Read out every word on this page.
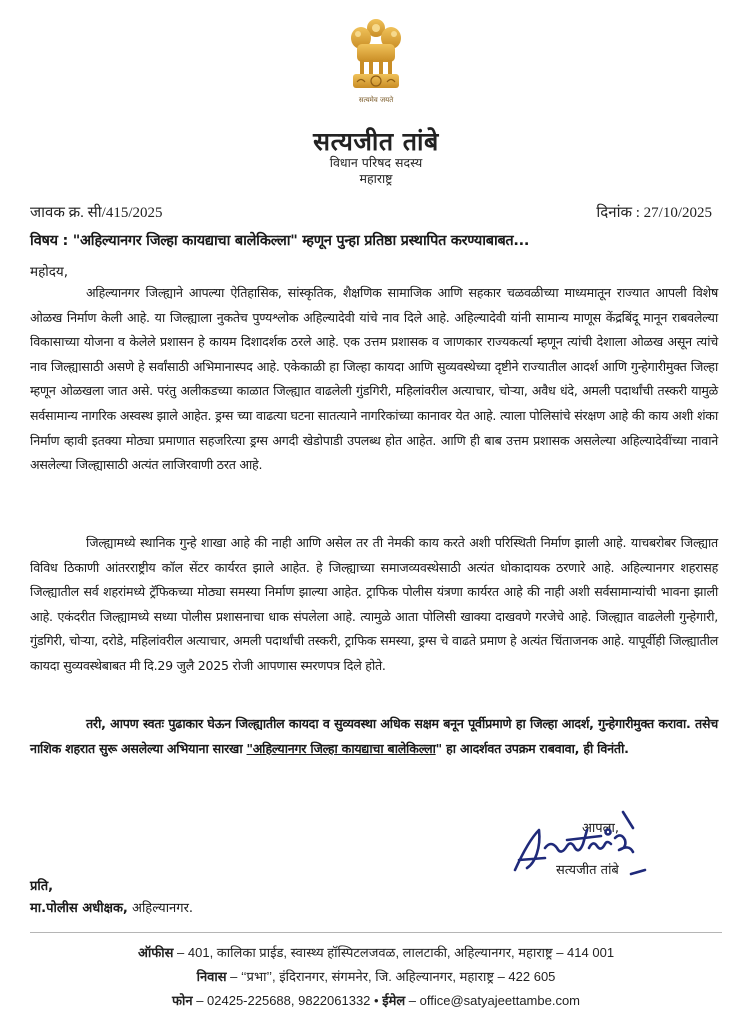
सत्यमेव जयते
सत्यजीत तांबे
विधान परिषद सदस्य
महाराष्ट्र
जावक क्र. सी/415/2025	दिनांक : 27/10/2025
विषय : "अहिल्यानगर जिल्हा कायद्याचा बालेकिल्ला" म्हणून पुन्हा प्रतिष्ठा प्रस्थापित करण्याबाबत...
महोदय,

अहिल्यानगर जिल्ह्याने आपल्या ऐतिहासिक, सांस्कृतिक, शैक्षणिक सामाजिक आणि सहकार चळवळीच्या माध्यमातून राज्यात आपली विशेष ओळख निर्माण केली आहे. या जिल्ह्याला नुकतेच पुण्यश्लोक अहिल्यादेवी यांचे नाव दिले आहे. अहिल्यादेवी यांनी सामान्य माणूस केंद्रबिंदू मानून राबवलेल्या विकासाच्या योजना व केलेले प्रशासन हे कायम दिशादर्शक ठरले आहे. एक उत्तम प्रशासक व जाणकार राज्यकर्त्या म्हणून त्यांची देशाला ओळख असून त्यांचे नाव जिल्ह्यासाठी असणे हे सर्वांसाठी अभिमानास्पद आहे. एकेकाळी हा जिल्हा कायदा आणि सुव्यवस्थेच्या दृष्टीने राज्यातील आदर्श आणि गुन्हेगारीमुक्त जिल्हा म्हणून ओळखला जात असे. परंतु अलीकडच्या काळात जिल्ह्यात वाढलेली गुंडगिरी, महिलांवरील अत्याचार, चोऱ्या, अवैध धंदे, अमली पदार्थांची तस्करी यामुळे सर्वसामान्य नागरिक अस्वस्थ झाले आहेत. ड्रग्स च्या वाढत्या घटना सातत्याने नागरिकांच्या कानावर येत आहे. त्याला पोलिसांचे संरक्षण आहे की काय अशी शंका निर्माण व्हावी इतक्या मोठ्या प्रमाणात सहजरित्या ड्रग्स अगदी खेडोपाडी उपलब्ध होत आहेत. आणि ही बाब उत्तम प्रशासक असलेल्या अहिल्यादेवींच्या नावाने असलेल्या जिल्ह्यासाठी अत्यंत लाजिरवाणी ठरत आहे.

जिल्ह्यामध्ये स्थानिक गुन्हे शाखा आहे की नाही आणि असेल तर ती नेमकी काय करते अशी परिस्थिती निर्माण झाली आहे. याचबरोबर जिल्ह्यात विविध ठिकाणी आंतरराष्ट्रीय कॉल सेंटर कार्यरत झाले आहेत. हे जिल्ह्याच्या समाजव्यवस्थेसाठी अत्यंत धोकादायक ठरणारे आहे. अहिल्यानगर शहरासह जिल्ह्यातील सर्व शहरांमध्ये ट्रॅफिकच्या मोठ्या समस्या निर्माण झाल्या आहेत. ट्राफिक पोलीस यंत्रणा कार्यरत आहे की नाही अशी सर्वसामान्यांची भावना झाली आहे. एकंदरीत जिल्ह्यामध्ये सध्या पोलीस प्रशासनाचा धाक संपलेला आहे. त्यामुळे आता पोलिसी खाक्या दाखवणे गरजेचे आहे. जिल्ह्यात वाढलेली गुन्हेगारी, गुंडगिरी, चोऱ्या, दरोडे, महिलांवरील अत्याचार, अमली पदार्थांची तस्करी, ट्राफिक समस्या, ड्रग्स चे वाढते प्रमाण हे अत्यंत चिंताजनक आहे. यापूर्वीही जिल्ह्यातील कायदा सुव्यवस्थेबाबत मी दि.29 जुलै 2025 रोजी आपणास स्मरणपत्र दिले होते.

तरी, आपण स्वतः पुढाकार घेऊन जिल्ह्यातील कायदा व सुव्यवस्था अधिक सक्षम बनून पूर्वीप्रमाणे हा जिल्हा आदर्श, गुन्हेगारीमुक्त करावा. तसेच नाशिक शहरात सुरू असलेल्या अभियाना सारखा "अहिल्यानगर जिल्हा कायद्याचा बालेकिल्ला" हा आदर्शवत उपक्रम राबवावा, ही विनंती.

आपला,
सत्यजीत तांबे
प्रति,
मा.पोलीस अधीक्षक, अहिल्यानगर.
ऑफीस – 401, कालिका प्राईड, स्वास्थ्य हॉस्पिटलजवळ, लालटाकी, अहिल्यानगर, महाराष्ट्र – 414 001
निवास – ‘‘प्रभा’’, इंदिरानगर, संगमनेर, जि. अहिल्यानगर, महाराष्ट्र – 422 605
फोन – 02425-225688, 9822061332 • ईमेल – office@satyajeettambe.com
